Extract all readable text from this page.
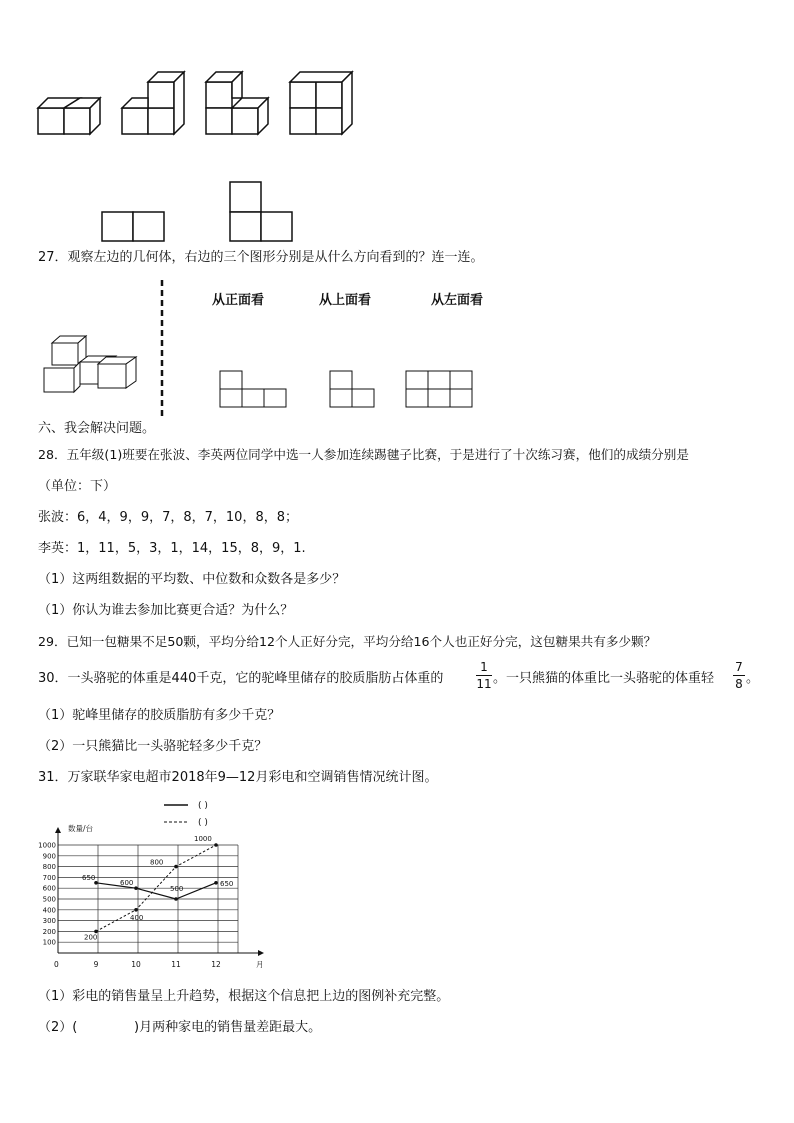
27．观察左边的几何体，右边的三个图形分别是从什么方向看到的？连一连。
从正面看	从上面看	从左面看
六、我会解决问题。
28．五年级(1)班要在张波、李英两位同学中选一人参加连续踢毽子比赛，于是进行了十次练习赛，他们的成绩分别是
（单位：下）
张波：6，4，9，9，7，8，7，10，8，8；
李英：1，11，5，3，1，14，15，8，9，1.
（1）这两组数据的平均数、中位数和众数各是多少？
（1）你认为谁去参加比赛更合适？为什么？
29．已知一包糖果不足50颗，平均分给12个人正好分完，平均分给16个人也正好分完，这包糖果共有多少颗？
30．一头骆驼的体重是440千克，它的驼峰里储存的胶质脂肪占体重的
1
11 。一只熊猫的体重比一头骆驼的体重轻
7
8 。
（1）驼峰里储存的胶质脂肪有多少千克？
（2）一只熊猫比一头骆驼轻多少千克？
31．万家联华家电超市2018年9—12月彩电和空调销售情况统计图。
( )
( )
100
200
300
400
500
600
700
800
900
1000
数量/台
月
0	9	10	11	12
650
600
500
650
200
400
800
1000
（1）彩电的销售量呈上升趋势，根据这个信息把上边的图例补充完整。
（2）(	)月两种家电的销售量差距最大。
